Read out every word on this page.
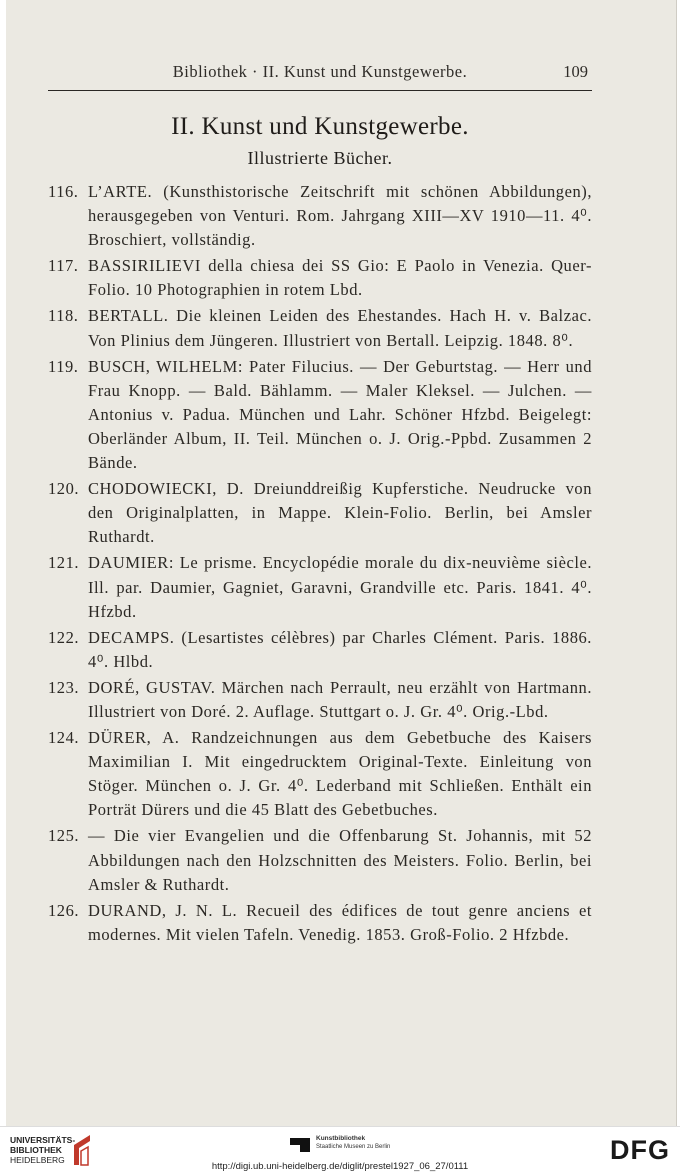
Bibliothek · II. Kunst und Kunstgewerbe.	109
II. Kunst und Kunstgewerbe.
Illustrierte Bücher.
116. L’ARTE. (Kunsthistorische Zeitschrift mit schönen Abbildungen), herausgegeben von Venturi. Rom. Jahrgang XIII—XV 1910—11. 4⁰. Broschiert, vollständig.
117. BASSIRILIEVI della chiesa dei SS Gio: E Paolo in Venezia. Quer-Folio. 10 Photographien in rotem Lbd.
118. BERTALL. Die kleinen Leiden des Ehestandes. Hach H. v. Balzac. Von Plinius dem Jüngeren. Illustriert von Bertall. Leipzig. 1848. 8⁰.
119. BUSCH, WILHELM: Pater Filucius. — Der Geburtstag. — Herr und Frau Knopp. — Bald. Bählamm. — Maler Kleksel. — Julchen. — Antonius v. Padua. München und Lahr. Schöner Hfzbd. Beigelegt: Oberländer Album, II. Teil. München o. J. Orig.-Ppbd. Zusammen 2 Bände.
120. CHODOWIECKI, D. Dreiunddreißig Kupferstiche. Neudrucke von den Originalplatten, in Mappe. Klein-Folio. Berlin, bei Amsler Ruthardt.
121. DAUMIER: Le prisme. Encyclopédie morale du dix-neuvième siècle. Ill. par. Daumier, Gagniet, Garavni, Grandville etc. Paris. 1841. 4⁰. Hfzbd.
122. DECAMPS. (Lesartistes célèbres) par Charles Clément. Paris. 1886. 4⁰. Hlbd.
123. DORÉ, GUSTAV. Märchen nach Perrault, neu erzählt von Hartmann. Illustriert von Doré. 2. Auflage. Stuttgart o. J. Gr. 4⁰. Orig.-Lbd.
124. DÜRER, A. Randzeichnungen aus dem Gebetbuche des Kaisers Maximilian I. Mit eingedrucktem Original-Texte. Einleitung von Stöger. München o. J. Gr. 4⁰. Lederband mit Schließen. Enthält ein Porträt Dürers und die 45 Blatt des Gebetbuches.
125. — Die vier Evangelien und die Offenbarung St. Johannis, mit 52 Abbildungen nach den Holzschnitten des Meisters. Folio. Berlin, bei Amsler & Ruthardt.
126. DURAND, J. N. L. Recueil des édifices de tout genre anciens et modernes. Mit vielen Tafeln. Venedig. 1853. Groß-Folio. 2 Hfzbde.
UNIVERSITÄTS-
BIBLIOTHEK
HEIDELBERG
Kunstbibliothek
Staatliche Museen zu Berlin
http://digi.ub.uni-heidelberg.de/diglit/prestel1927_06_27/0111
DFG
